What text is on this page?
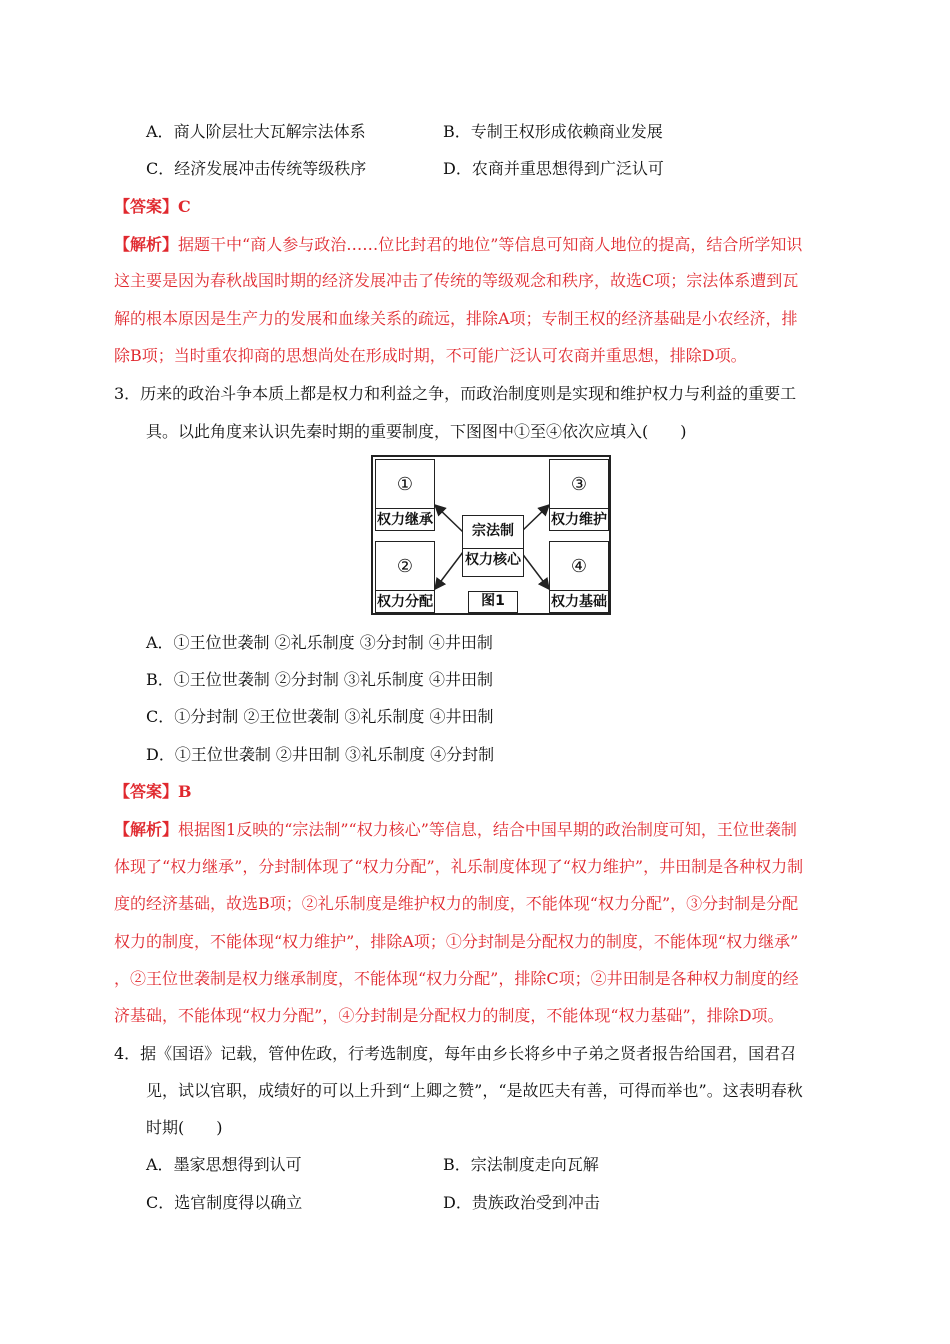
A．商人阶层壮大瓦解宗法体系	B．专制王权形成依赖商业发展
C．经济发展冲击传统等级秩序	D．农商并重思想得到广泛认可
【答案】C
【解析】据题干中“商人参与政治……位比封君的地位”等信息可知商人地位的提高，结合所学知识
这主要是因为春秋战国时期的经济发展冲击了传统的等级观念和秩序，故选C项；宗法体系遭到瓦
解的根本原因是生产力的发展和血缘关系的疏远，排除A项；专制王权的经济基础是小农经济，排
除B项；当时重农抑商的思想尚处在形成时期，不可能广泛认可农商并重思想，排除D项。
3．历来的政治斗争本质上都是权力和利益之争，而政治制度则是实现和维护权力与利益的重要工
具。以此角度来认识先秦时期的重要制度，下图图中①至④依次应填入(　　)
①
权力继承
②
权力分配
③
权力维护
④
权力基础
宗法制
权力核心
图1
A．①王位世袭制 ②礼乐制度 ③分封制 ④井田制
B．①王位世袭制 ②分封制 ③礼乐制度 ④井田制
C．①分封制 ②王位世袭制 ③礼乐制度 ④井田制
D．①王位世袭制 ②井田制 ③礼乐制度 ④分封制
【答案】B
【解析】根据图1反映的“宗法制”“权力核心”等信息，结合中国早期的政治制度可知，王位世袭制
体现了“权力继承”，分封制体现了“权力分配”，礼乐制度体现了“权力维护”，井田制是各种权力制
度的经济基础，故选B项；②礼乐制度是维护权力的制度，不能体现“权力分配”，③分封制是分配
权力的制度，不能体现“权力维护”，排除A项；①分封制是分配权力的制度，不能体现“权力继承”
，②王位世袭制是权力继承制度，不能体现“权力分配”，排除C项；②井田制是各种权力制度的经
济基础，不能体现“权力分配”，④分封制是分配权力的制度，不能体现“权力基础”，排除D项。
4．据《国语》记载，管仲佐政，行考选制度，每年由乡长将乡中子弟之贤者报告给国君，国君召
见，试以官职，成绩好的可以上升到“上卿之赞”，“是故匹夫有善，可得而举也”。这表明春秋
时期(　　)
A．墨家思想得到认可	B．宗法制度走向瓦解
C．选官制度得以确立	D．贵族政治受到冲击
